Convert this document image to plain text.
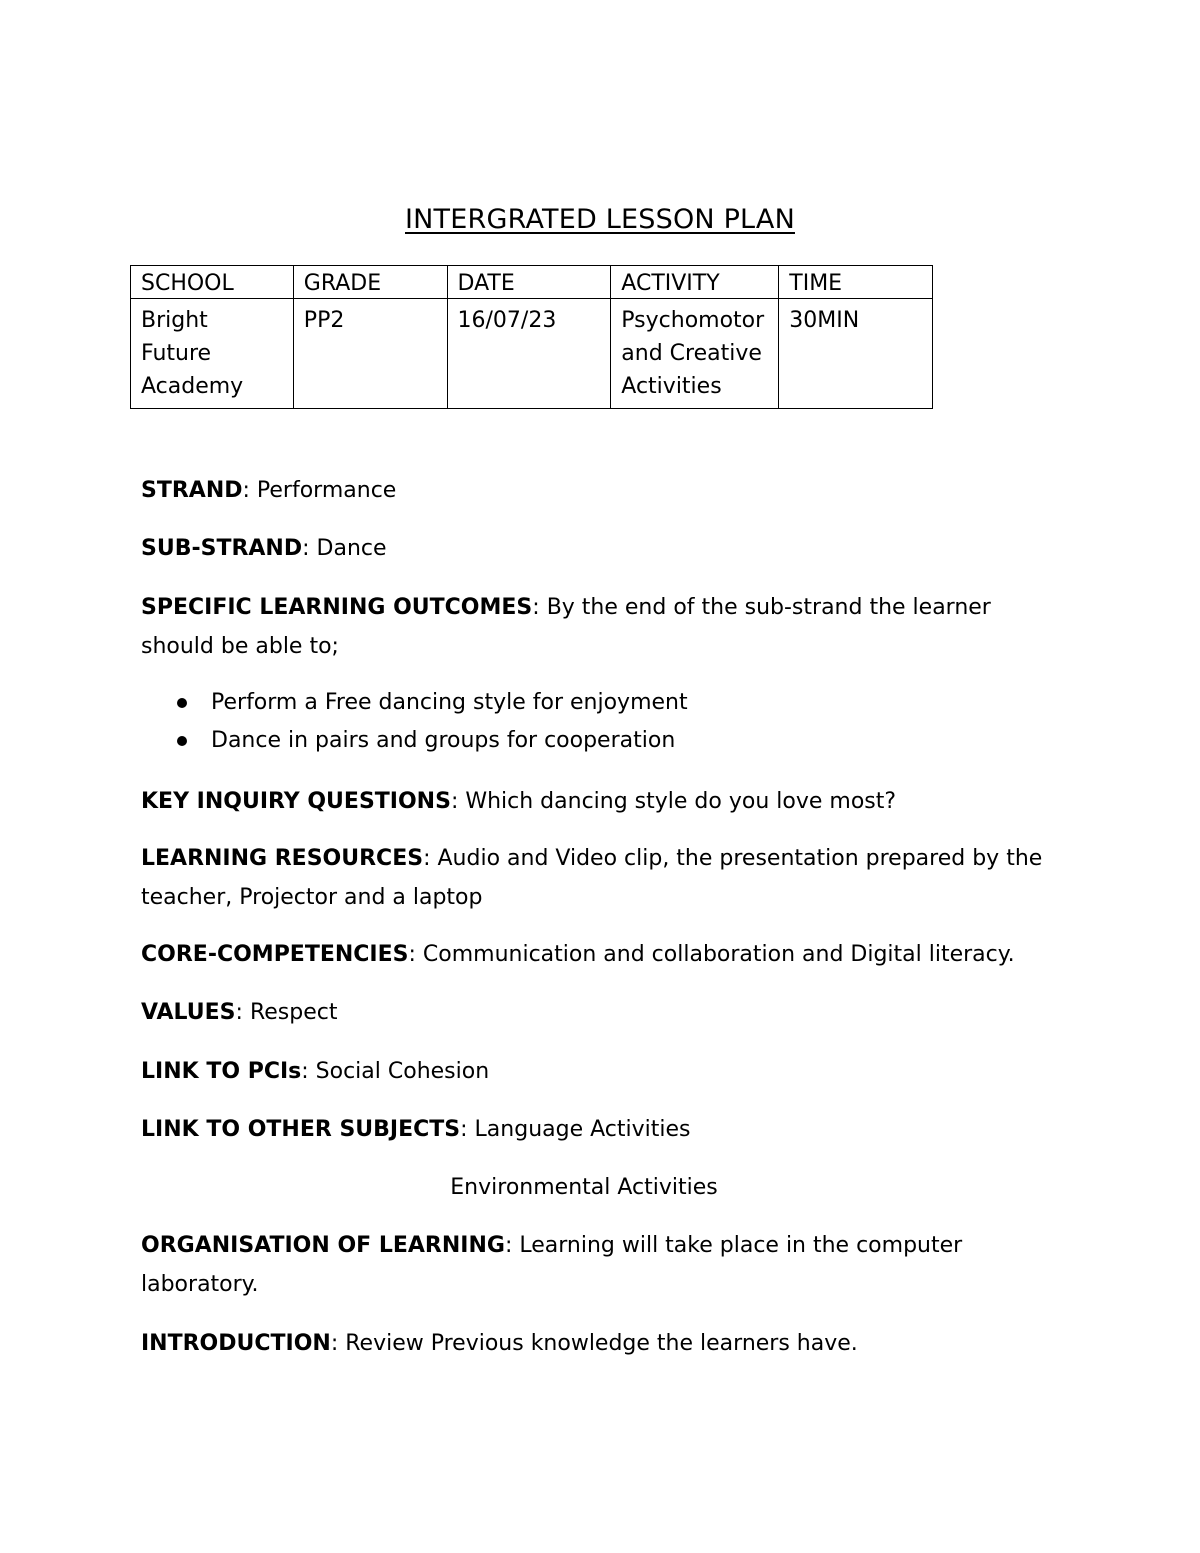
INTERGRATED LESSON PLAN
SCHOOL	GRADE	DATE	ACTIVITY	TIME
Bright Future Academy	PP2	16/07/23	Psychomotor and Creative Activities	30MIN
STRAND: Performance
SUB-STRAND: Dance
SPECIFIC LEARNING OUTCOMES: By the end of the sub-strand the learner should be able to;
Perform a Free dancing style for enjoyment
Dance in pairs and groups for cooperation
KEY INQUIRY QUESTIONS: Which dancing style do you love most?
LEARNING RESOURCES: Audio and Video clip, the presentation prepared by the teacher, Projector and a laptop
CORE-COMPETENCIES: Communication and collaboration and Digital literacy.
VALUES: Respect
LINK TO PCIs: Social Cohesion
LINK TO OTHER SUBJECTS: Language Activities
Environmental Activities
ORGANISATION OF LEARNING: Learning will take place in the computer laboratory.
INTRODUCTION: Review Previous knowledge the learners have.
